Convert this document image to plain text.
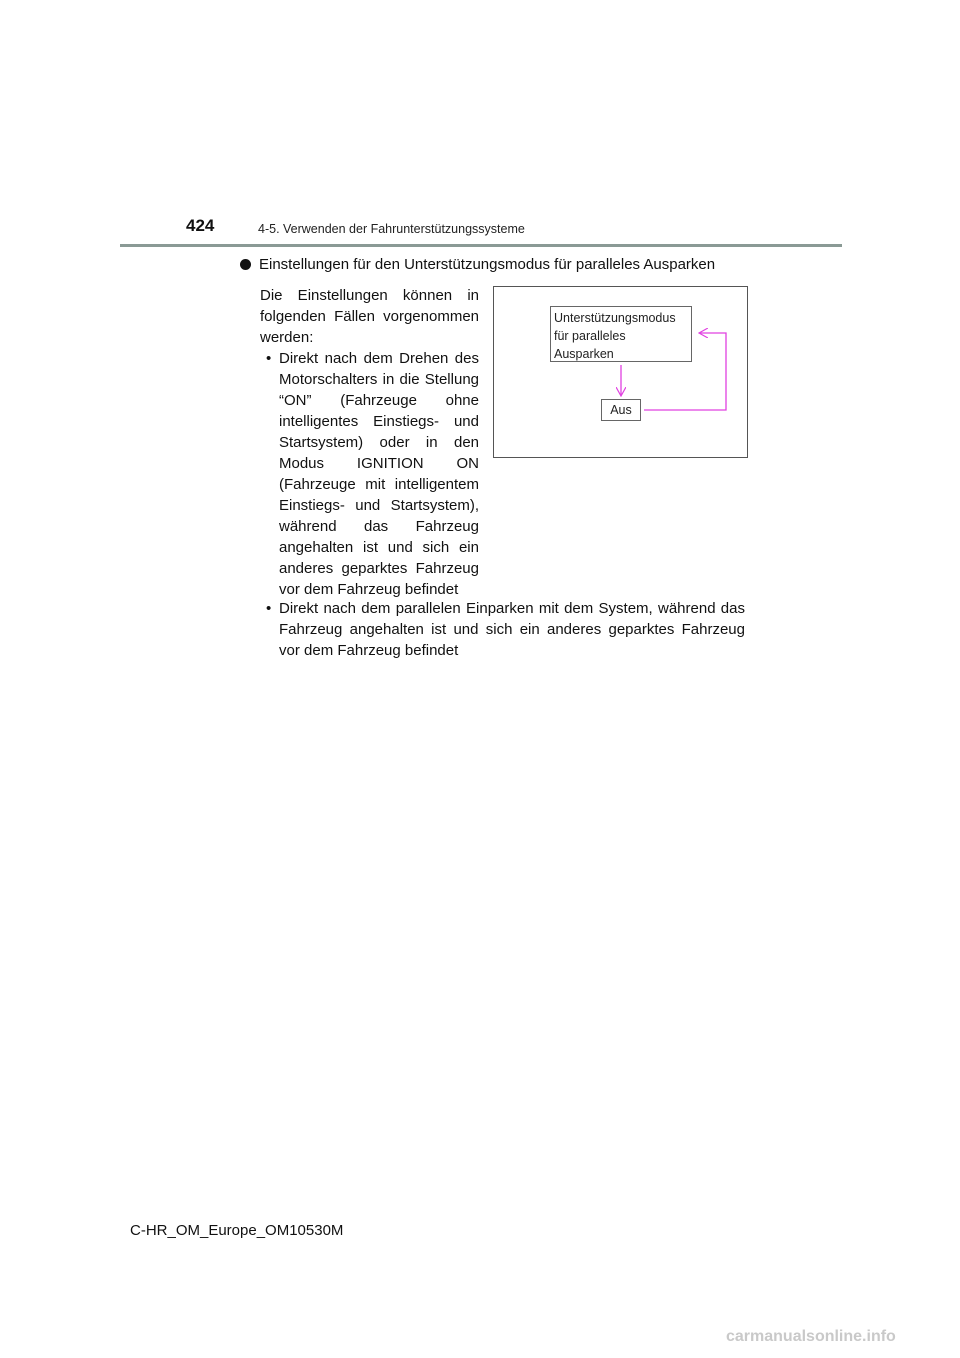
424	4-5. Verwenden der Fahrunterstützungssysteme
Einstellungen für den Unterstützungsmodus für paralleles Ausparken

Die Einstellungen können in folgenden Fällen vorgenommen werden:

• Direkt nach dem Drehen des Motorschalters in die Stellung “ON” (Fahrzeuge ohne intelligentes Einstiegs- und Startsystem) oder in den Modus IGNITION ON (Fahrzeuge mit intelligentem Einstiegs- und Startsystem), während das Fahrzeug angehalten ist und sich ein anderes geparktes Fahrzeug vor dem Fahrzeug befindet
• Direkt nach dem parallelen Einparken mit dem System, während das Fahrzeug angehalten ist und sich ein anderes geparktes Fahrzeug vor dem Fahrzeug befindet
Unterstützungsmodus
für paralleles
Ausparken
Aus
C-HR_OM_Europe_OM10530M
carmanualsonline.info
